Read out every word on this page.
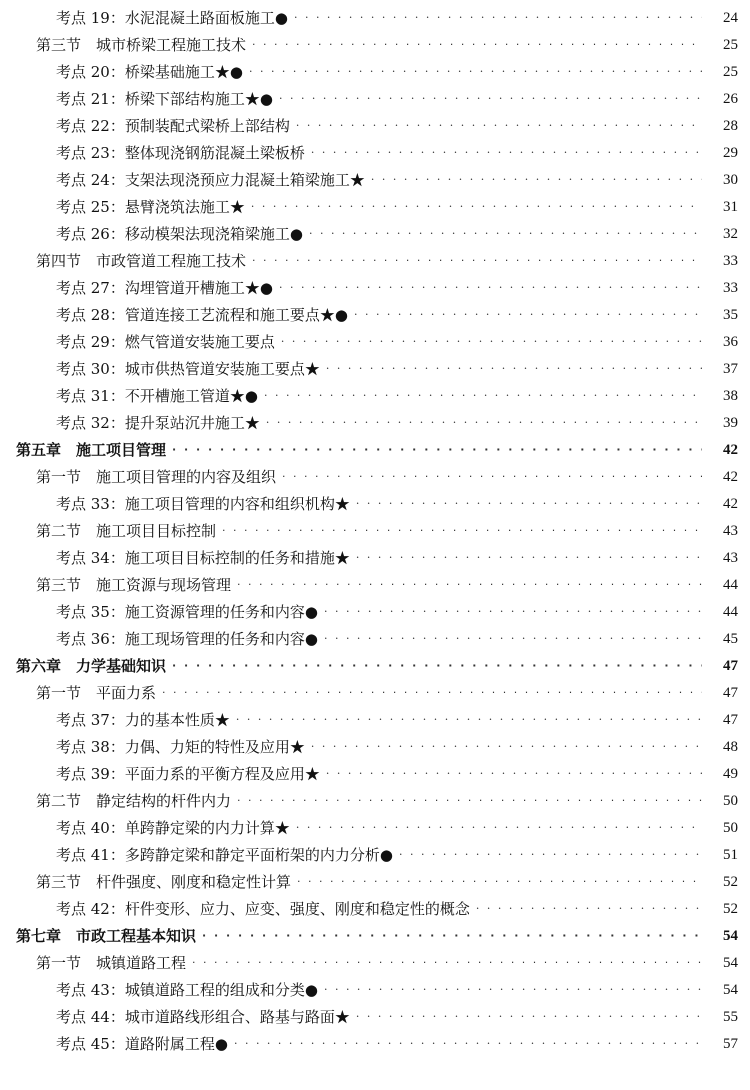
考点 19：水泥混凝土路面板施工● · · ·	24
第三节　城市桥梁工程施工技术 · · ·	25
考点 20：桥梁基础施工★● · · ·	25
考点 21：桥梁下部结构施工★● · · ·	26
考点 22：预制装配式梁桥上部结构 · · ·	28
考点 23：整体现浇钢筋混凝土梁板桥 · · ·	29
考点 24：支架法现浇预应力混凝土箱梁施工★ · · ·	30
考点 25：悬臂浇筑法施工★ · · ·	31
考点 26：移动模架法现浇箱梁施工● · · ·	32
第四节　市政管道工程施工技术 · · ·	33
考点 27：沟埋管道开槽施工★● · · ·	33
考点 28：管道连接工艺流程和施工要点★● · · ·	35
考点 29：燃气管道安装施工要点 · · ·	36
考点 30：城市供热管道安装施工要点★ · · ·	37
考点 31：不开槽施工管道★● · · ·	38
考点 32：提升泵站沉井施工★ · · ·	39
第五章　施工项目管理 · · ·	42
第一节　施工项目管理的内容及组织 · · ·	42
考点 33：施工项目管理的内容和组织机构★ · · ·	42
第二节　施工项目目标控制 · · ·	43
考点 34：施工项目目标控制的任务和措施★ · · ·	43
第三节　施工资源与现场管理 · · ·	44
考点 35：施工资源管理的任务和内容● · · ·	44
考点 36：施工现场管理的任务和内容● · · ·	45
第六章　力学基础知识 · · ·	47
第一节　平面力系 · · ·	47
考点 37：力的基本性质★ · · ·	47
考点 38：力偶、力矩的特性及应用★ · · ·	48
考点 39：平面力系的平衡方程及应用★ · · ·	49
第二节　静定结构的杆件内力 · · ·	50
考点 40：单跨静定梁的内力计算★ · · ·	50
考点 41：多跨静定梁和静定平面桁架的内力分析● · · ·	51
第三节　杆件强度、刚度和稳定性计算 · · ·	52
考点 42：杆件变形、应力、应变、强度、刚度和稳定性的概念 · · ·	52
第七章　市政工程基本知识 · · ·	54
第一节　城镇道路工程 · · ·	54
考点 43：城镇道路工程的组成和分类● · · ·	54
考点 44：城市道路线形组合、路基与路面★ · · ·	55
考点 45：道路附属工程● · · ·	57
